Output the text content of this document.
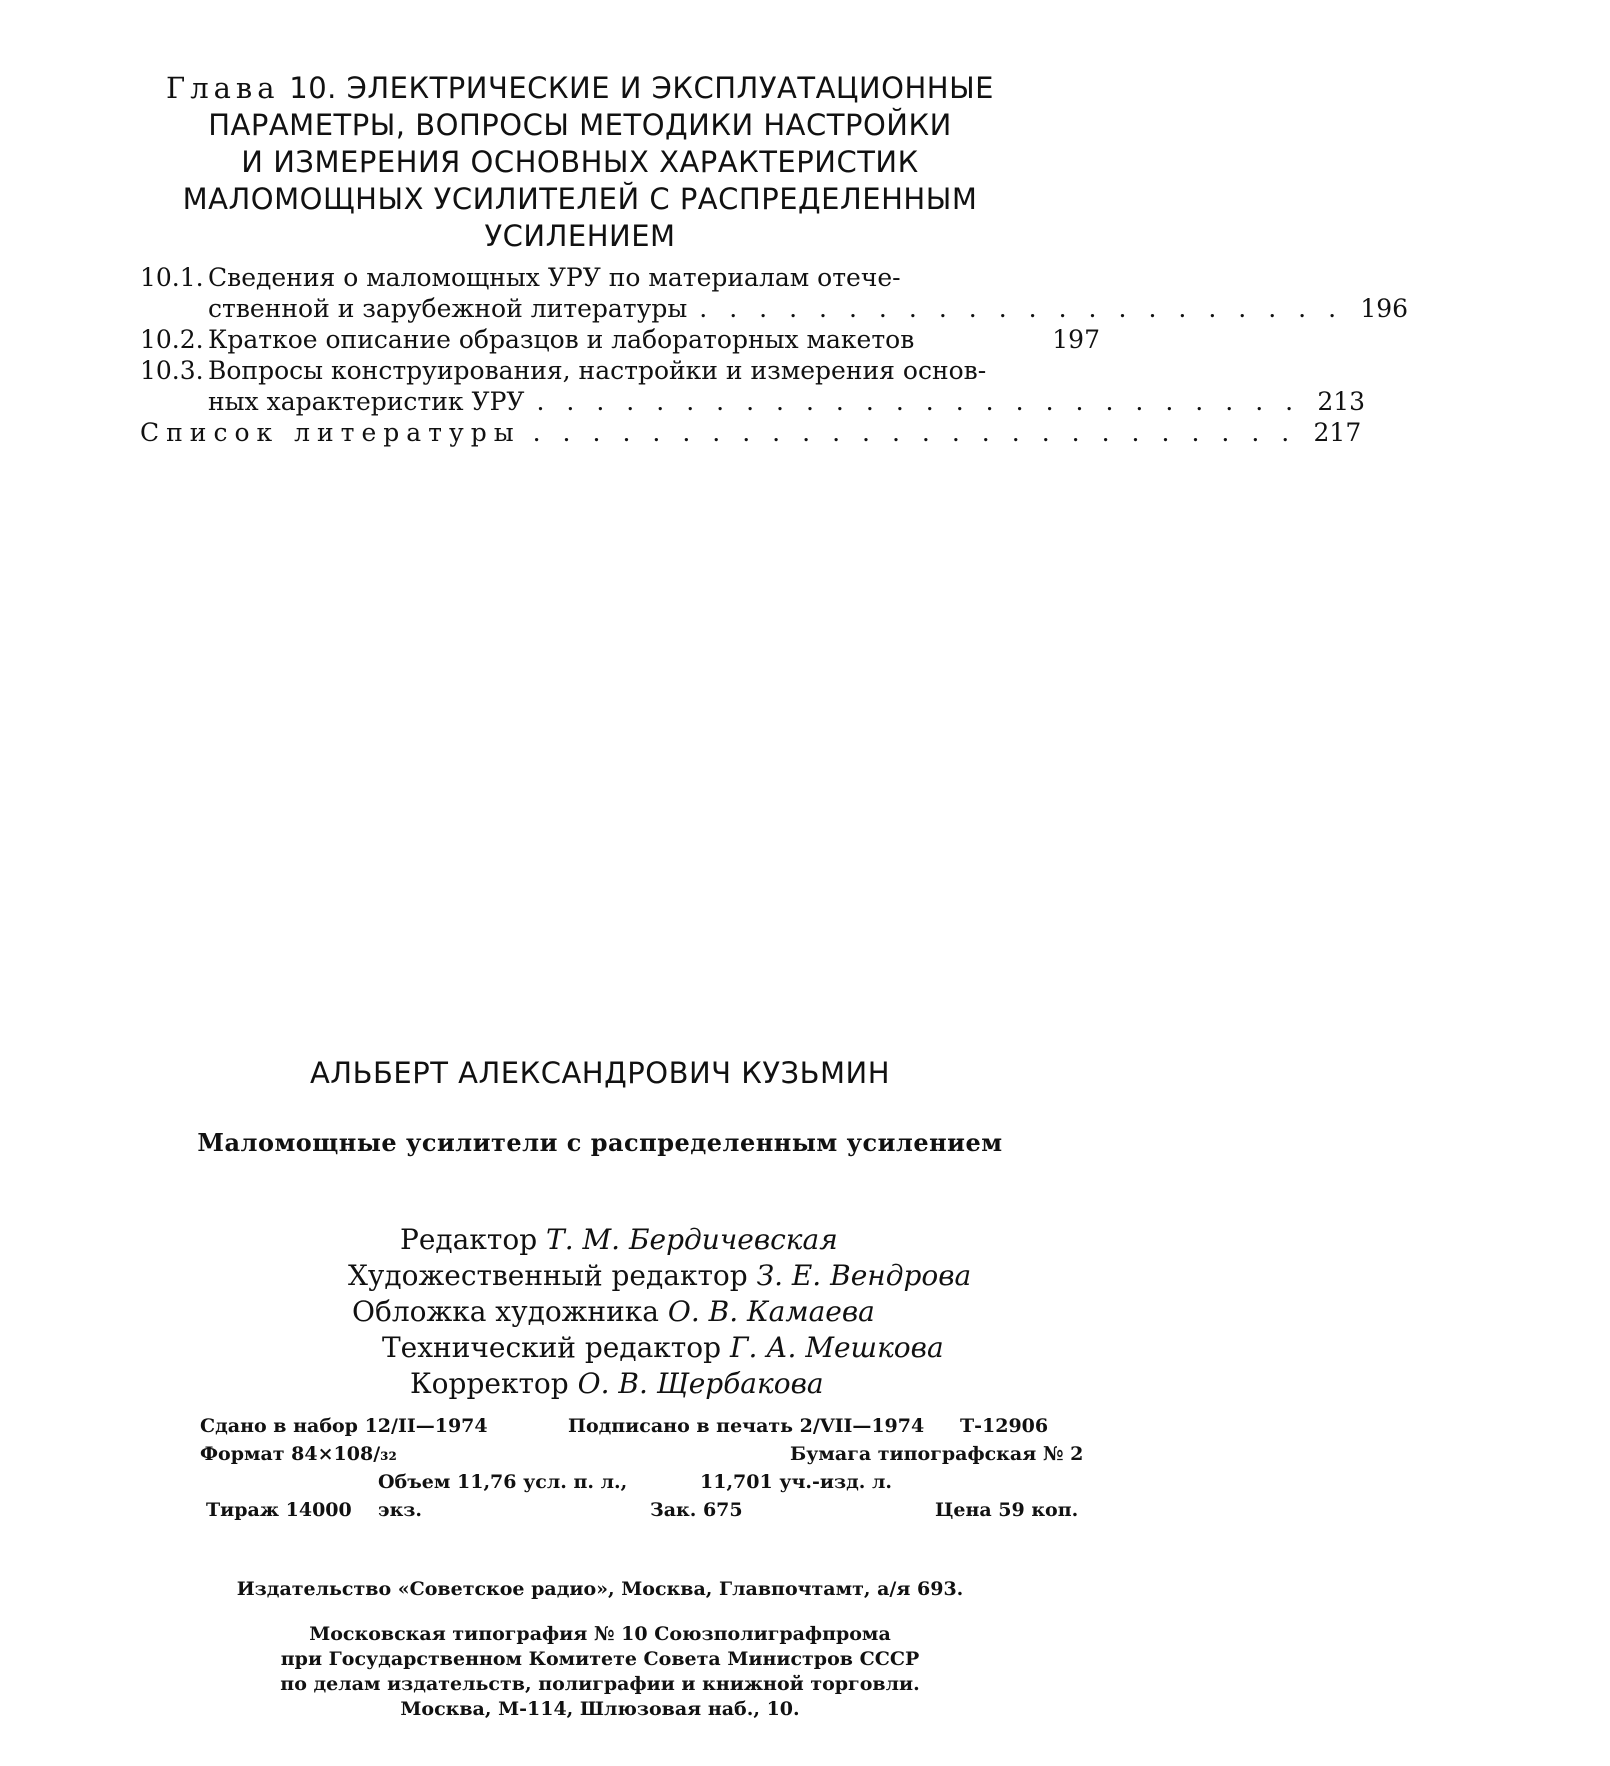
Глава 10. ЭЛЕКТРИЧЕСКИЕ И ЭКСПЛУАТАЦИОННЫЕ
ПАРАМЕТРЫ, ВОПРОСЫ МЕТОДИКИ НАСТРОЙКИ
И ИЗМЕРЕНИЯ ОСНОВНЫХ ХАРАКТЕРИСТИК
МАЛОМОЩНЫХ УСИЛИТЕЛЕЙ С РАСПРЕДЕЛЕННЫМ
УСИЛЕНИЕМ
10.1. Сведения о маломощных УРУ по материалам отече-
ственной и зарубежной литературы ...................... 196
10.2. Краткое описание образцов и лабораторных макетов	197
10.3. Вопросы конструирования, настройки и измерения основ-
ных характеристик УРУ .......................... 213
Список литературы .......................... 217
АЛЬБЕРТ АЛЕКСАНДРОВИЧ КУЗЬМИН
Маломощные усилители с распределенным усилением
Редактор Т. М. Бердичевская
Художественный редактор З. Е. Вендрова
Обложка художника О. В. Камаева
Технический редактор Г. А. Мешкова
Корректор О. В. Щербакова
Сдано в набор 12/II—1974	Подписано в печать 2/VII—1974 Т-12906
Формат 84×108/₃₂	Бумага типографская № 2
Объем 11,76 усл. п. л.,	11,701 уч.-изд. л.
Тираж 14000 экз.	Зак. 675	Цена 59 коп.
Издательство «Советское радио», Москва, Главпочтамт, а/я 693.
Московская типография № 10 Союзполиграфпрома
при Государственном Комитете Совета Министров СССР
по делам издательств, полиграфии и книжной торговли.
Москва, М-114, Шлюзовая наб., 10.
